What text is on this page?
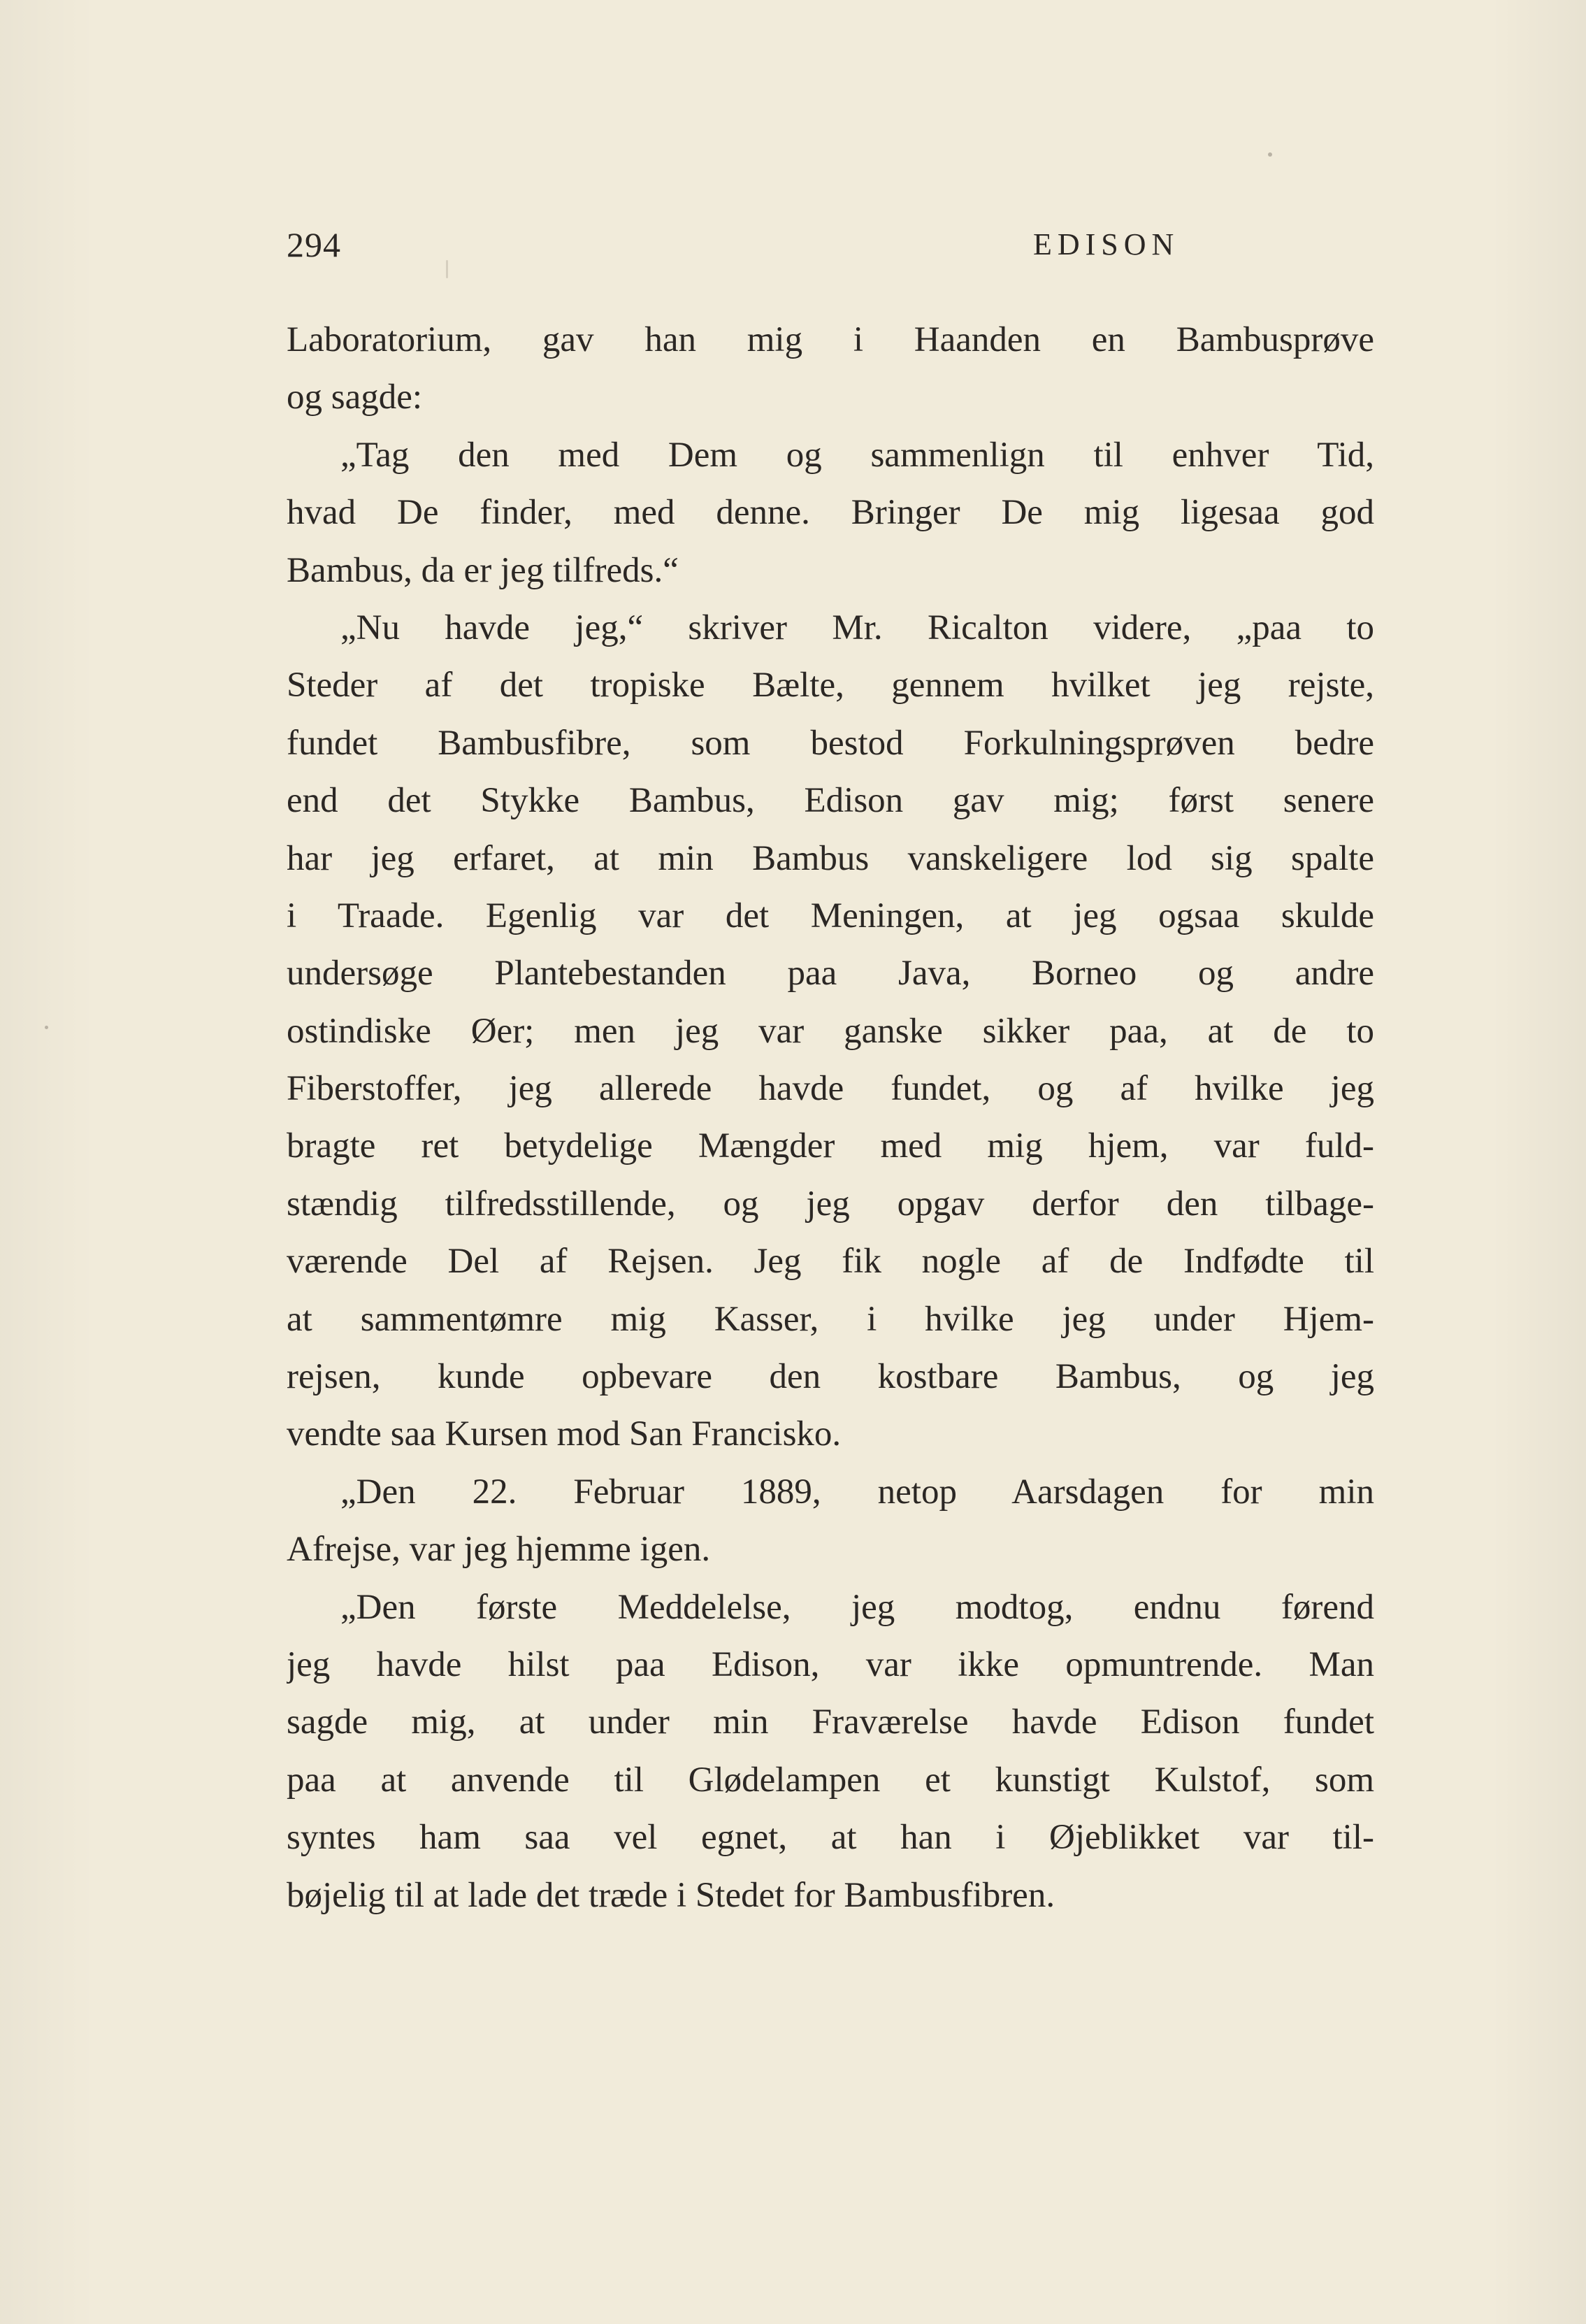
294	EDISON
Laboratorium, gav han mig i Haanden en Bambusprøve
og sagde:
„Tag den med Dem og sammenlign til enhver Tid,
hvad De finder, med denne. Bringer De mig ligesaa god
Bambus, da er jeg tilfreds.“
„Nu havde jeg,“ skriver Mr. Ricalton videre, „paa to
Steder af det tropiske Bælte, gennem hvilket jeg rejste,
fundet Bambusfibre, som bestod Forkulningsprøven bedre
end det Stykke Bambus, Edison gav mig; først senere
har jeg erfaret, at min Bambus vanskeligere lod sig spalte
i Traade. Egenlig var det Meningen, at jeg ogsaa skulde
undersøge Plantebestanden paa Java, Borneo og andre
ostindiske Øer; men jeg var ganske sikker paa, at de to
Fiberstoffer, jeg allerede havde fundet, og af hvilke jeg
bragte ret betydelige Mængder med mig hjem, var fuld-
stændig tilfredsstillende, og jeg opgav derfor den tilbage-
værende Del af Rejsen. Jeg fik nogle af de Indfødte til
at sammentømre mig Kasser, i hvilke jeg under Hjem-
rejsen, kunde opbevare den kostbare Bambus, og jeg
vendte saa Kursen mod San Francisko.
„Den 22. Februar 1889, netop Aarsdagen for min
Afrejse, var jeg hjemme igen.
„Den første Meddelelse, jeg modtog, endnu førend
jeg havde hilst paa Edison, var ikke opmuntrende. Man
sagde mig, at under min Fraværelse havde Edison fundet
paa at anvende til Glødelampen et kunstigt Kulstof, som
syntes ham saa vel egnet, at han i Øjeblikket var til-
bøjelig til at lade det træde i Stedet for Bambusfibren.
